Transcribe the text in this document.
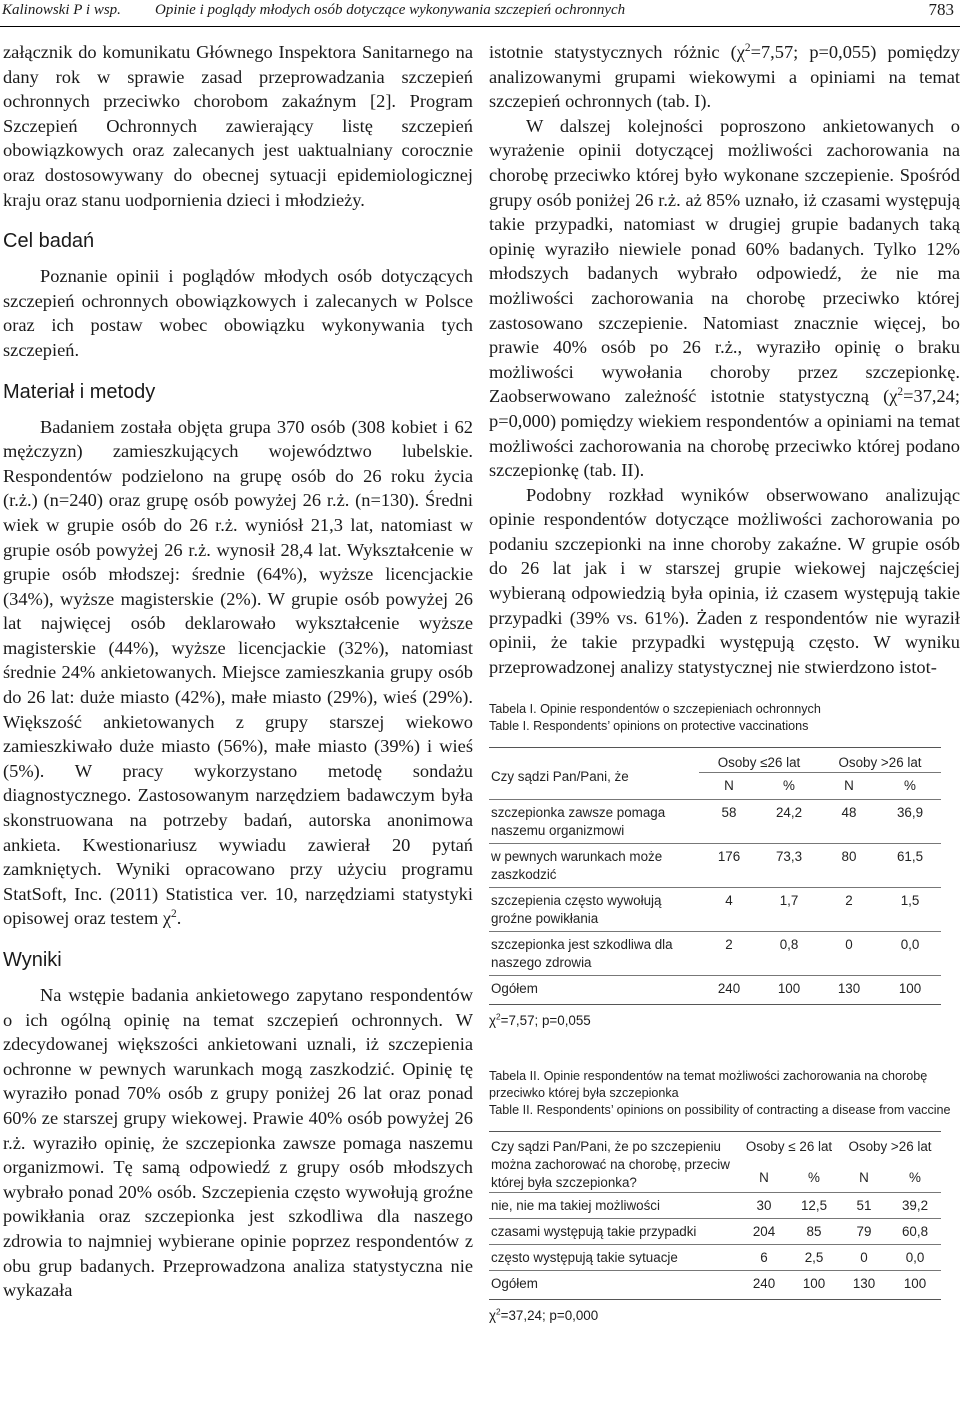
Kalinowski P i wsp. Opinie i poglądy młodych osób dotyczące wykonywania szczepień ochronnych	783

załącznik do komunikatu Głównego Inspektora Sanitarnego na dany rok w sprawie zasad przeprowadzania szczepień ochronnych przeciwko chorobom zakaźnym [2]. Program Szczepień Ochronnych zawierający listę szczepień obowiązkowych oraz zalecanych jest uaktualniany corocznie oraz dostosowywany do obecnej sytuacji epidemiologicznej kraju oraz stanu uodpornienia dzieci i młodzieży.

Cel badań

Poznanie opinii i poglądów młodych osób dotyczących szczepień ochronnych obowiązkowych i zalecanych w Polsce oraz ich postaw wobec obowiązku wykonywania tych szczepień.

Materiał i metody

Badaniem została objęta grupa 370 osób (308 kobiet i 62 mężczyzn) zamieszkujących województwo lubelskie. Respondentów podzielono na grupę osób do 26 roku życia (r.ż.) (n=240) oraz grupę osób powyżej 26 r.ż. (n=130). Średni wiek w grupie osób do 26 r.ż. wyniósł 21,3 lat, natomiast w grupie osób powyżej 26 r.ż. wynosił 28,4 lat. Wykształcenie w grupie osób młodszej: średnie (64%), wyższe licencjackie (34%), wyższe magisterskie (2%). W grupie osób powyżej 26 lat najwięcej osób deklarowało wykształcenie wyższe magisterskie (44%), wyższe licencjackie (32%), natomiast średnie 24% ankietowanych. Miejsce zamieszkania grupy osób do 26 lat: duże miasto (42%), małe miasto (29%), wieś (29%). Większość ankietowanych z grupy starszej wiekowo zamieszkiwało duże miasto (56%), małe miasto (39%) i wieś (5%). W pracy wykorzystano metodę sondażu diagnostycznego. Zastosowanym narzędziem badawczym była skonstruowana na potrzeby badań, autorska anonimowa ankieta. Kwestionariusz wywiadu zawierał 20 pytań zamkniętych. Wyniki opracowano przy użyciu programu StatSoft, Inc. (2011) Statistica ver. 10, narzędziami statystyki opisowej oraz testem $\chi^2$.

Wyniki

Na wstępie badania ankietowego zapytano respondentów o ich ogólną opinię na temat szczepień ochronnych. W zdecydowanej większości ankietowani uznali, iż szczepienia ochronne w pewnych warunkach mogą zaszkodzić. Opinię tę wyraziło ponad 70% osób z grupy poniżej 26 lat oraz ponad 60% ze starszej grupy wiekowej. Prawie 40% osób powyżej 26 r.ż. wyraziło opinię, że szczepionka zawsze pomaga naszemu organizmowi. Tę samą odpowiedź z grupy osób młodszych wybrało ponad 20% osób. Szczepienia często wywołują groźne powikłania oraz szczepionka jest szkodliwa dla naszego zdrowia to najmniej wybierane opinie poprzez respondentów z obu grup badanych. Przeprowadzona analiza statystyczna nie wykazała

istotnie statystycznych różnic ($\chi^2=7,57$; p=0,055) pomiędzy analizowanymi grupami wiekowymi a opiniami na temat szczepień ochronnych (tab. I).

W dalszej kolejności poproszono ankietowanych o wyrażenie opinii dotyczącej możliwości zachorowania na chorobę przeciwko której było wykonane szczepienie. Spośród grupy osób poniżej 26 r.ż. aż 85% uznało, iż czasami występują takie przypadki, natomiast w drugiej grupie badanych taką opinię wyraziło niewiele ponad 60% badanych. Tylko 12% młodszych badanych wybrało odpowiedź, że nie ma możliwości zachorowania na chorobę przeciwko której zastosowano szczepienie. Natomiast znacznie więcej, bo prawie 40% osób po 26 r.ż., wyraziło opinię o braku możliwości wywołania choroby przez szczepionkę. Zaobserwowano zależność istotnie statystyczną ($\chi^2=37,24$; p=0,000) pomiędzy wiekiem respondentów a opiniami na temat możliwości zachorowania na chorobę przeciwko której podano szczepionkę (tab. II).

Podobny rozkład wyników obserwowano analizując opinie respondentów dotyczące możliwości zachorowania po podaniu szczepionki na inne choroby zakaźne. W grupie osób do 26 lat jak i w starszej grupie wiekowej najczęściej wybieraną odpowiedzią była opinia, iż czasem występują takie przypadki (39% vs. 61%). Żaden z respondentów nie wyraził opinii, że takie przypadki występują często. W wyniku przeprowadzonej analizy statystycznej nie stwierdzono istot-

Tabela I. Opinie respondentów o szczepieniach ochronnych

Table I. Respondents’ opinions on protective vaccinations

Czy sądzi Pan/Pani, że	Osoby ≤26 lat		Osoby >26 lat	
	N	%	N	%
szczepionka zawsze pomaga naszemu organizmowi	58	24,2	48	36,9
w pewnych warunkach może zaszkodzić	176	73,3	80	61,5
szczepienia często wywołują groźne powikłania	4	1,7	2	1,5
szczepionka jest szkodliwa dla naszego zdrowia	2	0,8	0	0,0
Ogółem	240	100	130	100
$\chi^2=7,57$; p=0,055

Tabela II. Opinie respondentów na temat możliwości zachorowania na chorobę przeciwko której była szczepionka

Table II. Respondents’ opinions on possibility of contracting a disease from vaccine

Czy sądzi Pan/Pani, że po szczepieniu można zachorować na chorobę, przeciw której była szczepionka?	Osoby ≤ 26 lat		Osoby >26 lat	
	N	%	N	%
nie, nie ma takiej możliwości	30	12,5	51	39,2
czasami występują takie przypadki	204	85	79	60,8
często występują takie sytuacje	6	2,5	0	0,0
Ogółem	240	100	130	100
$\chi^2=37,24$; p=0,000
